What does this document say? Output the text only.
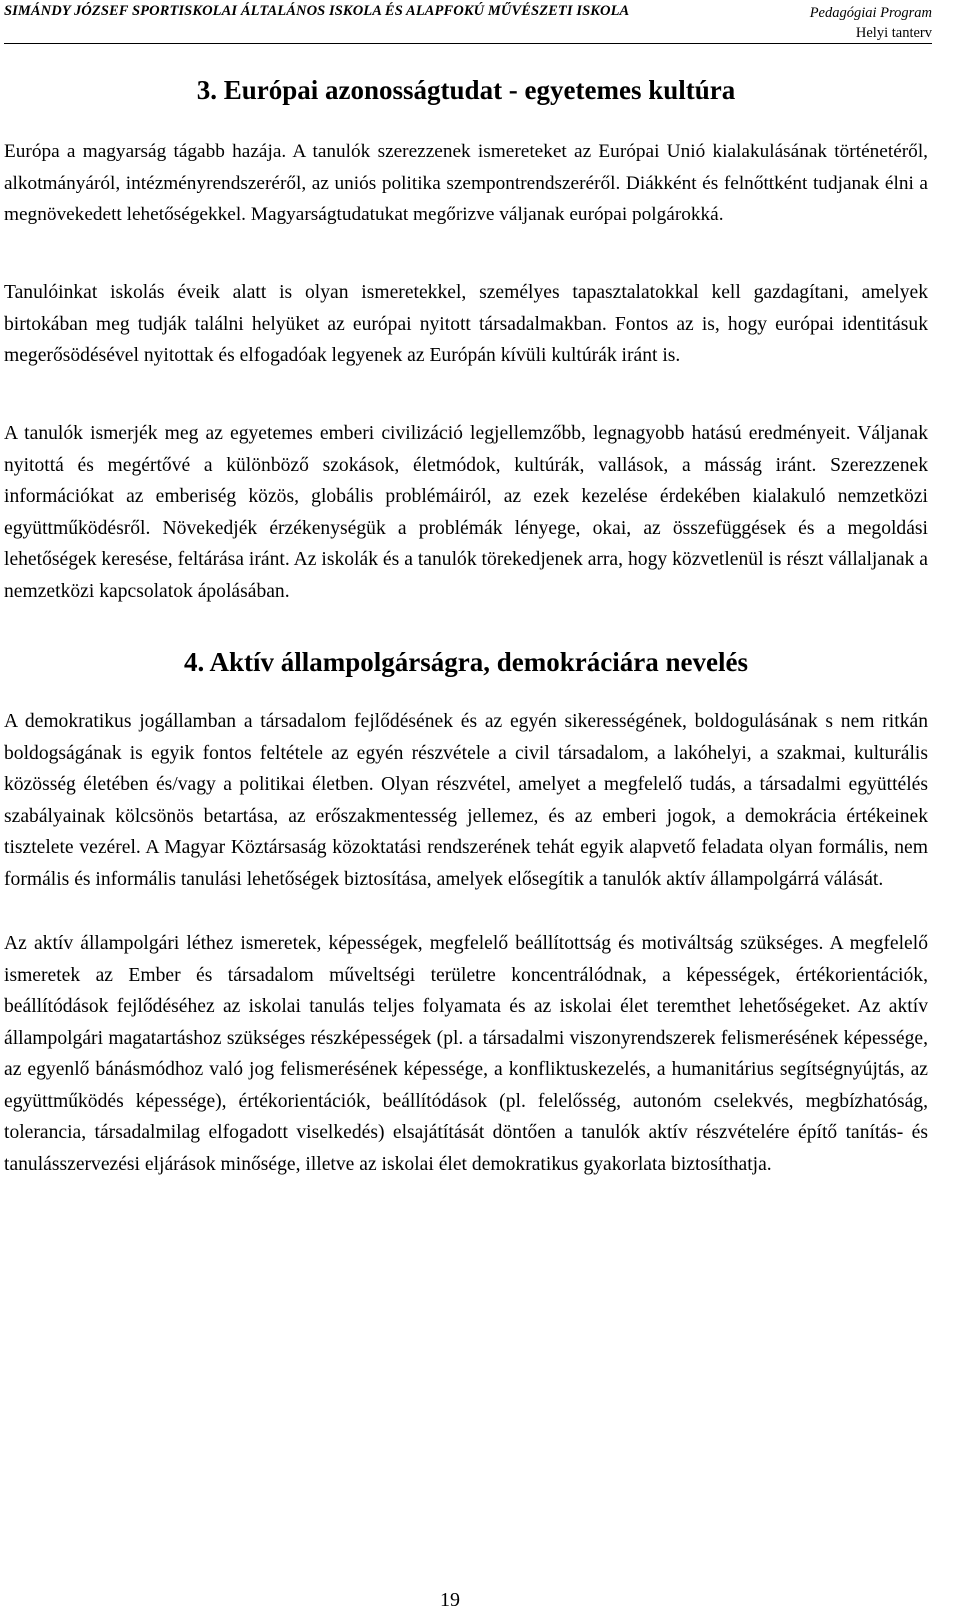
SIMÁNDY JÓZSEF SPORTISKOLAI ÁLTALÁNOS ISKOLA ÉS ALAPFOKÚ MŰVÉSZETI ISKOLA	Pedagógiai Program
Helyi tanterv
3. Európai azonosságtudat - egyetemes kultúra

Európa a magyarság tágabb hazája. A tanulók szerezzenek ismereteket az Európai Unió kialakulásának történetéről, alkotmányáról, intézményrendszeréről, az uniós politika szempontrendszeréről. Diákként és felnőttként tudjanak élni a megnövekedett lehetőségekkel. Magyarságtudatukat megőrizve váljanak európai polgárokká.

Tanulóinkat iskolás éveik alatt is olyan ismeretekkel, személyes tapasztalatokkal kell gazdagítani, amelyek birtokában meg tudják találni helyüket az európai nyitott társadalmakban. Fontos az is, hogy európai identitásuk megerősödésével nyitottak és elfogadóak legyenek az Európán kívüli kultúrák iránt is.

A tanulók ismerjék meg az egyetemes emberi civilizáció legjellemzőbb, legnagyobb hatású eredményeit. Váljanak nyitottá és megértővé a különböző szokások, életmódok, kultúrák, vallások, a másság iránt. Szerezzenek információkat az emberiség közös, globális problémáiról, az ezek kezelése érdekében kialakuló nemzetközi együttműködésről. Növekedjék érzékenységük a problémák lényege, okai, az összefüggések és a megoldási lehetőségek keresése, feltárása iránt. Az iskolák és a tanulók törekedjenek arra, hogy közvetlenül is részt vállaljanak a nemzetközi kapcsolatok ápolásában.

4. Aktív állampolgárságra, demokráciára nevelés

A demokratikus jogállamban a társadalom fejlődésének és az egyén sikerességének, boldogulásának s nem ritkán boldogságának is egyik fontos feltétele az egyén részvétele a civil társadalom, a lakóhelyi, a szakmai, kulturális közösség életében és/vagy a politikai életben. Olyan részvétel, amelyet a megfelelő tudás, a társadalmi együttélés szabályainak kölcsönös betartása, az erőszakmentesség jellemez, és az emberi jogok, a demokrácia értékeinek tisztelete vezérel. A Magyar Köztársaság közoktatási rendszerének tehát egyik alapvető feladata olyan formális, nem formális és informális tanulási lehetőségek biztosítása, amelyek elősegítik a tanulók aktív állampolgárrá válását.

Az aktív állampolgári léthez ismeretek, képességek, megfelelő beállítottság és motiváltság szükséges. A megfelelő ismeretek az Ember és társadalom műveltségi területre koncentrálódnak, a képességek, értékorientációk, beállítódások fejlődéséhez az iskolai tanulás teljes folyamata és az iskolai élet teremthet lehetőségeket. Az aktív állampolgári magatartáshoz szükséges részképességek (pl. a társadalmi viszonyrendszerek felismerésének képessége, az egyenlő bánásmódhoz való jog felismerésének képessége, a konfliktuskezelés, a humanitárius segítségnyújtás, az együttműködés képessége), értékorientációk, beállítódások (pl. felelősség, autonóm cselekvés, megbízhatóság, tolerancia, társadalmilag elfogadott viselkedés) elsajátítását döntően a tanulók aktív részvételére építő tanítás- és tanulásszervezési eljárások minősége, illetve az iskolai élet demokratikus gyakorlata biztosíthatja.

19
